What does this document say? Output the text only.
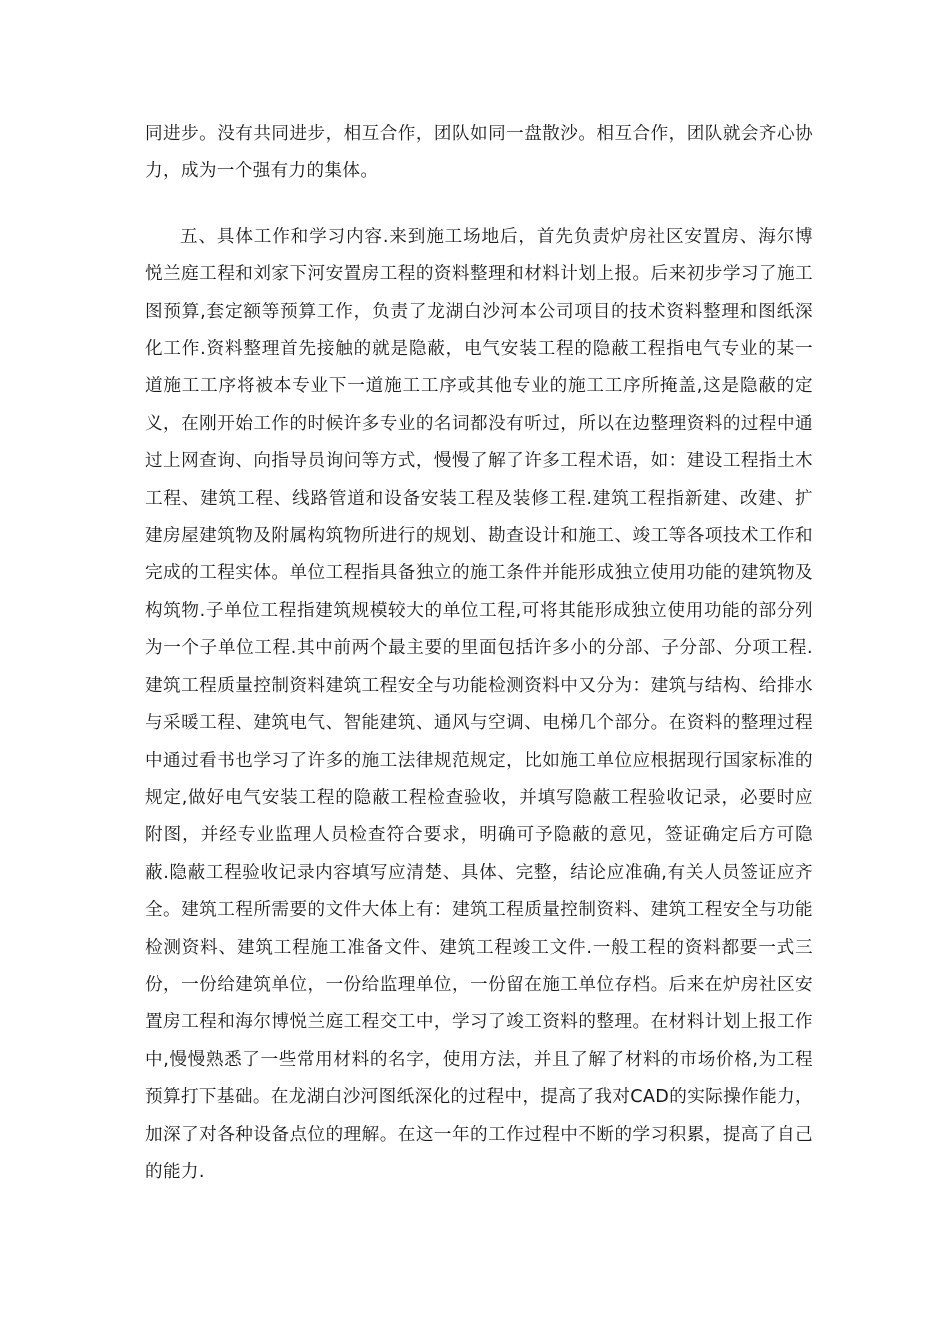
同进步。没有共同进步，相互合作，团队如同一盘散沙。相互合作，团队就会齐心协力，成为一个强有力的集体。

五、具体工作和学习内容.来到施工场地后，首先负责炉房社区安置房、海尔博悦兰庭工程和刘家下河安置房工程的资料整理和材料计划上报。后来初步学习了施工图预算,套定额等预算工作，负责了龙湖白沙河本公司项目的技术资料整理和图纸深化工作.资料整理首先接触的就是隐蔽，电气安装工程的隐蔽工程指电气专业的某一道施工工序将被本专业下一道施工工序或其他专业的施工工序所掩盖,这是隐蔽的定义，在刚开始工作的时候许多专业的名词都没有听过，所以在边整理资料的过程中通过上网查询、向指导员询问等方式，慢慢了解了许多工程术语，如：建设工程指土木工程、建筑工程、线路管道和设备安装工程及装修工程.建筑工程指新建、改建、扩建房屋建筑物及附属构筑物所进行的规划、勘查设计和施工、竣工等各项技术工作和完成的工程实体。单位工程指具备独立的施工条件并能形成独立使用功能的建筑物及构筑物.子单位工程指建筑规模较大的单位工程,可将其能形成独立使用功能的部分列为一个子单位工程.其中前两个最主要的里面包括许多小的分部、子分部、分项工程.建筑工程质量控制资料建筑工程安全与功能检测资料中又分为：建筑与结构、给排水与采暖工程、建筑电气、智能建筑、通风与空调、电梯几个部分。在资料的整理过程中通过看书也学习了许多的施工法律规范规定，比如施工单位应根据现行国家标准的规定,做好电气安装工程的隐蔽工程检查验收，并填写隐蔽工程验收记录，必要时应附图，并经专业监理人员检查符合要求，明确可予隐蔽的意见，签证确定后方可隐蔽.隐蔽工程验收记录内容填写应清楚、具体、完整，结论应准确,有关人员签证应齐全。建筑工程所需要的文件大体上有：建筑工程质量控制资料、建筑工程安全与功能检测资料、建筑工程施工准备文件、建筑工程竣工文件.一般工程的资料都要一式三份，一份给建筑单位，一份给监理单位，一份留在施工单位存档。后来在炉房社区安置房工程和海尔博悦兰庭工程交工中，学习了竣工资料的整理。在材料计划上报工作中,慢慢熟悉了一些常用材料的名字，使用方法，并且了解了材料的市场价格,为工程预算打下基础。在龙湖白沙河图纸深化的过程中，提高了我对CAD的实际操作能力，加深了对各种设备点位的理解。在这一年的工作过程中不断的学习积累，提高了自己的能力.
